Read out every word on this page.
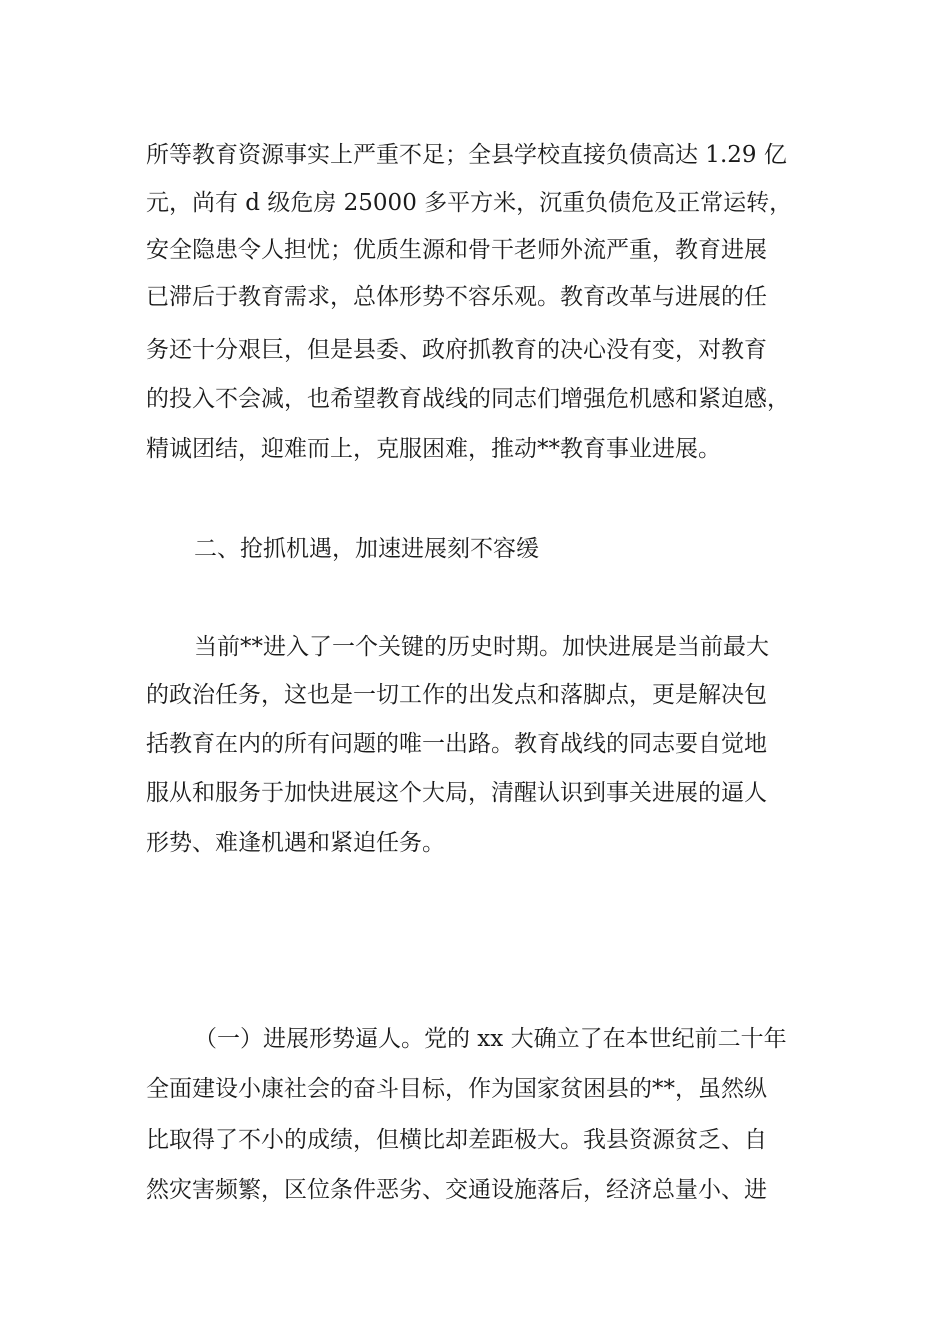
所等教育资源事实上严重不足；全县学校直接负债高达 1.29 亿
元，尚有 d 级危房 25000 多平方米，沉重负债危及正常运转，
安全隐患令人担忧；优质生源和骨干老师外流严重，教育进展
已滞后于教育需求，总体形势不容乐观。教育改革与进展的任
务还十分艰巨，但是县委、政府抓教育的决心没有变，对教育
的投入不会减，也希望教育战线的同志们增强危机感和紧迫感，
精诚团结，迎难而上，克服困难，推动**教育事业进展。
二、抢抓机遇，加速进展刻不容缓
当前**进入了一个关键的历史时期。加快进展是当前最大
的政治任务，这也是一切工作的出发点和落脚点，更是解决包
括教育在内的所有问题的唯一出路。教育战线的同志要自觉地
服从和服务于加快进展这个大局，清醒认识到事关进展的逼人
形势、难逢机遇和紧迫任务。
（一）进展形势逼人。党的 xx 大确立了在本世纪前二十年
全面建设小康社会的奋斗目标，作为国家贫困县的**，虽然纵
比取得了不小的成绩，但横比却差距极大。我县资源贫乏、自
然灾害频繁，区位条件恶劣、交通设施落后，经济总量小、进
